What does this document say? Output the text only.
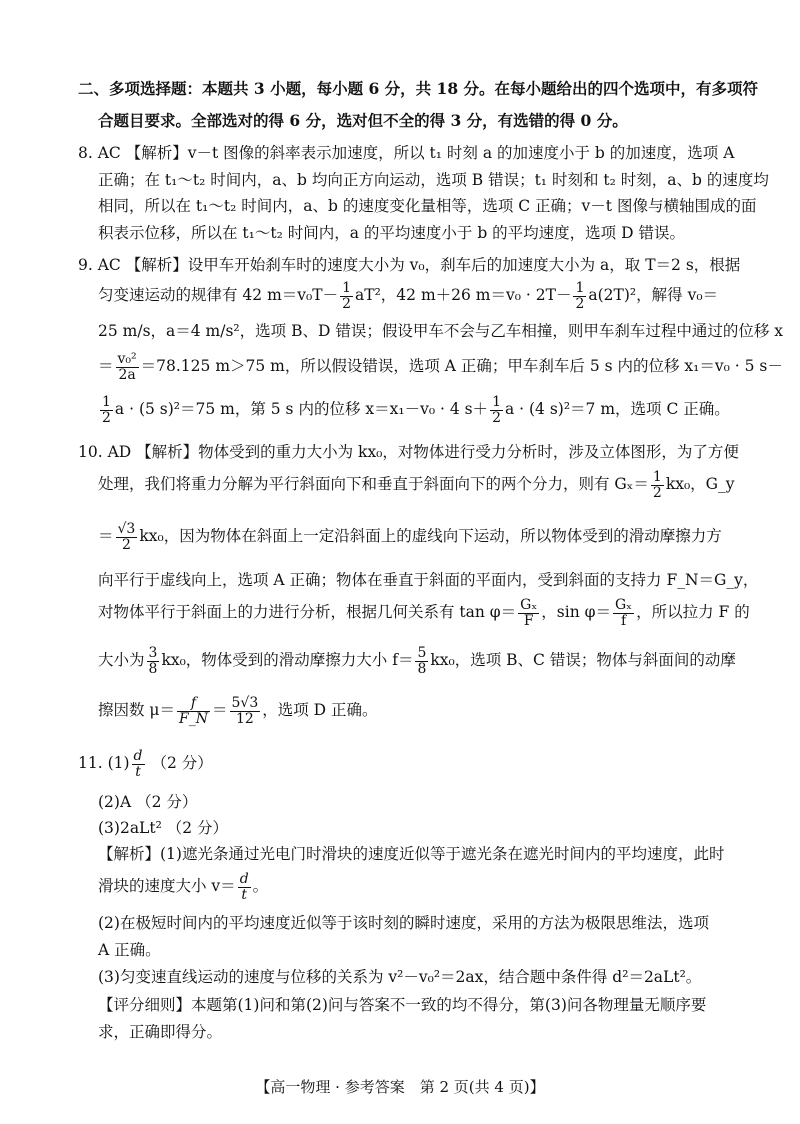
二、多项选择题：本题共 3 小题，每小题 6 分，共 18 分。在每小题给出的四个选项中，有多项符
合题目要求。全部选对的得 6 分，选对但不全的得 3 分，有选错的得 0 分。
8. AC 【解析】v－t 图像的斜率表示加速度，所以 t₁ 时刻 a 的加速度小于 b 的加速度，选项 A
正确；在 t₁～t₂ 时间内，a、b 均向正方向运动，选项 B 错误；t₁ 时刻和 t₂ 时刻，a、b 的速度均
相同，所以在 t₁～t₂ 时间内，a、b 的速度变化量相等，选项 C 正确；v－t 图像与横轴围成的面
积表示位移，所以在 t₁～t₂ 时间内，a 的平均速度小于 b 的平均速度，选项 D 错误。
9. AC 【解析】设甲车开始刹车时的速度大小为 v₀，刹车后的加速度大小为 a，取 T＝2 s，根据
匀变速运动的规律有 42 $m=v_0T- \frac{1}{2} aT^2$，42 m＋26 $m=v_0 \cdot 2T- \frac{1}{2} a(2T)^2$，解得 v₀＝
25 m/s，a＝4 m/s²，选项 B、D 错误；假设甲车不会与乙车相撞，则甲车刹车过程中通过的位移 x
＝ $\frac{\text{v₀²}}{2a} =78.125$ m＞75 m，所以假设错误，选项 A 正确；甲车刹车后 5 s 内的位移 x₁＝v₀ · 5 s－
$\frac{1}{2}$ a · (5 s)²＝75 m，第 5 s 内的位移 x＝x₁－v₀ · 4 $s+ \frac{1}{2}$ a · (4 s)²＝7 m，选项 C 正确。
10. AD 【解析】物体受到的重力大小为 kx₀，对物体进行受力分析时，涉及立体图形，为了方便
处理，我们将重力分解为平行斜面向下和垂直于斜面向下的两个分力，则有 $G_x= \frac{1}{2} kx_0$，G_y
＝ $\frac{√3}{2} kx_0$，因为物体在斜面上一定沿斜面上的虚线向下运动，所以物体受到的滑动摩擦力方
向平行于虚线向上，选项 A 正确；物体在垂直于斜面的平面内，受到斜面的支持力 F_N＝G_y，
对物体平行于斜面上的力进行分析，根据几何关系有 $\tan \varphi= \frac{\text{Gₓ}}{F}$ ，$\sin \varphi= \frac{\text{Gₓ}}{f}$ ，所以拉力 F 的
大小为 $\frac{3}{8} kx_0$，物体受到的滑动摩擦力大小 $f= \frac{5}{8} kx_0$，选项 B、C 错误；物体与斜面间的动摩
擦因数 $\mu= \frac{f}{F\_N} = \frac{5√3}{12}$ ，选项 D 正确。
11. $(1) \frac{d}{t} (2$ 分）
(2)A （2 分）
(3)2aLt² （2 分）
【解析】(1)遮光条通过光电门时滑块的速度近似等于遮光条在遮光时间内的平均速度，此时
滑块的速度大小 $v= \frac{d}{t}$ 。
(2)在极短时间内的平均速度近似等于该时刻的瞬时速度，采用的方法为极限思维法，选项
A 正确。
(3)匀变速直线运动的速度与位移的关系为 v²－v₀²＝2ax，结合题中条件得 d²＝2aLt²。
【评分细则】本题第(1)问和第(2)问与答案不一致的均不得分，第(3)问各物理量无顺序要
求，正确即得分。
【高一物理 · 参考答案　第 2 页(共 4 页)】
